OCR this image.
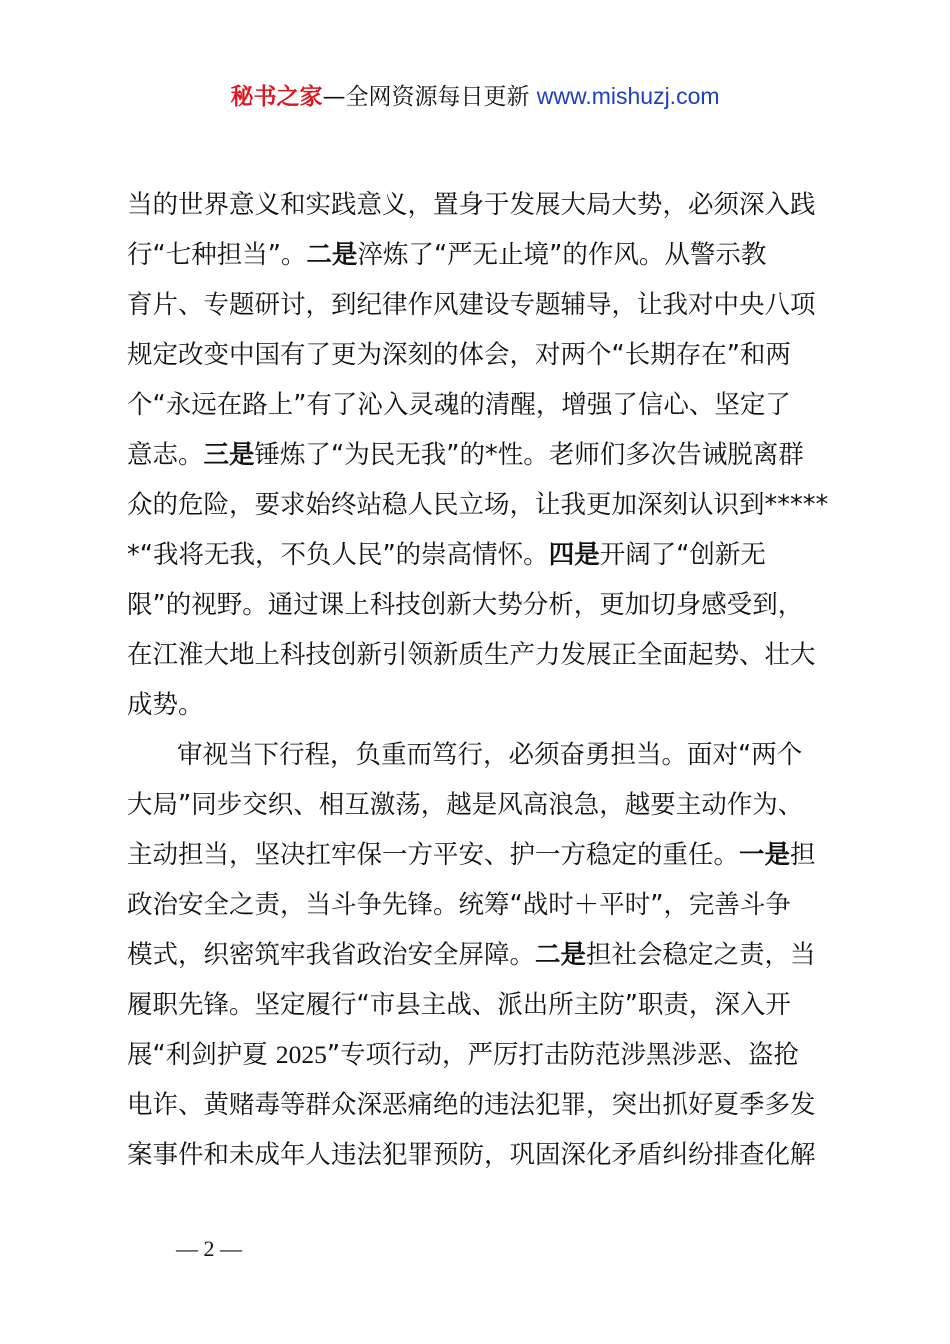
秘书之家—全网资源每日更新 www.mishuzj.com
当的世界意义和实践意义，置身于发展大局大势，必须深入践
行“七种担当”。二是淬炼了“严无止境”的作风。从警示教
育片、专题研讨，到纪律作风建设专题辅导，让我对中央八项
规定改变中国有了更为深刻的体会，对两个“长期存在”和两
个“永远在路上”有了沁入灵魂的清醒，增强了信心、坚定了
意志。三是锤炼了“为民无我”的*性。老师们多次告诫脱离群
众的危险，要求始终站稳人民立场，让我更加深刻认识到*****
*“我将无我，不负人民”的崇高情怀。四是开阔了“创新无
限”的视野。通过课上科技创新大势分析，更加切身感受到，
在江淮大地上科技创新引领新质生产力发展正全面起势、壮大
成势。
审视当下行程，负重而笃行，必须奋勇担当。面对“两个
大局”同步交织、相互激荡，越是风高浪急，越要主动作为、
主动担当，坚决扛牢保一方平安、护一方稳定的重任。一是担
政治安全之责，当斗争先锋。统筹“战时＋平时”，完善斗争
模式，织密筑牢我省政治安全屏障。二是担社会稳定之责，当
履职先锋。坚定履行“市县主战、派出所主防”职责，深入开
展“利剑护夏 2025”专项行动，严厉打击防范涉黑涉恶、盗抢
电诈、黄赌毒等群众深恶痛绝的违法犯罪，突出抓好夏季多发
案事件和未成年人违法犯罪预防，巩固深化矛盾纠纷排查化解
— 2 —
